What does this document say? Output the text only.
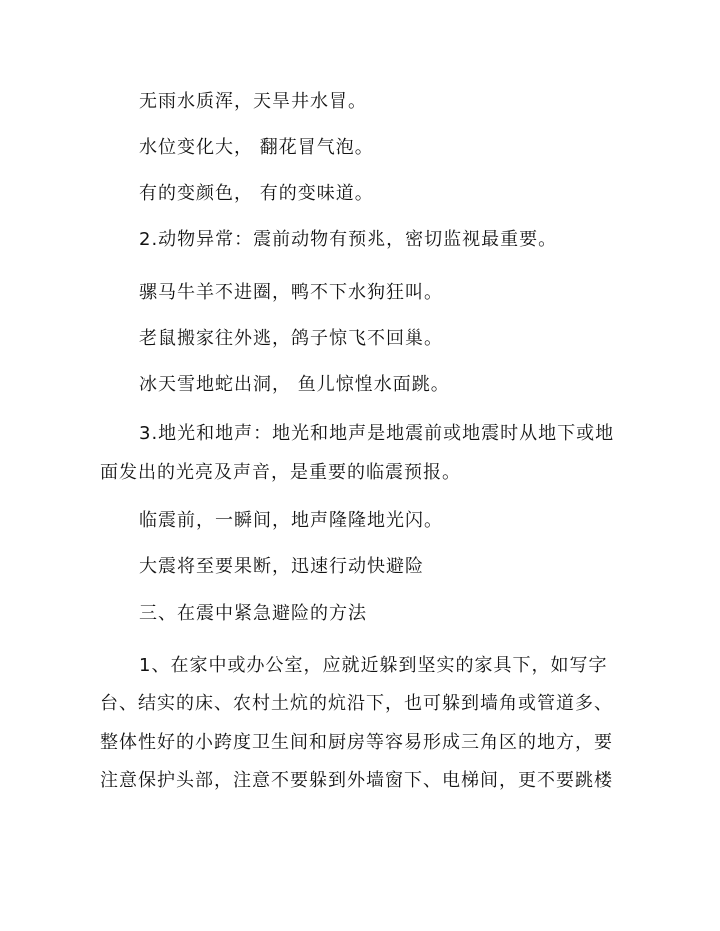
无雨水质浑，天旱井水冒。
水位变化大， 翻花冒气泡。
有的变颜色， 有的变味道。
2.动物异常：震前动物有预兆，密切监视最重要。
骡马牛羊不进圈，鸭不下水狗狂叫。
老鼠搬家往外逃，鸽子惊飞不回巢。
冰天雪地蛇出洞， 鱼儿惊惶水面跳。
3.地光和地声：地光和地声是地震前或地震时从地下或地
面发出的光亮及声音，是重要的临震预报。
临震前，一瞬间，地声隆隆地光闪。
大震将至要果断，迅速行动快避险
三、在震中紧急避险的方法
1、在家中或办公室，应就近躲到坚实的家具下，如写字
台、结实的床、农村土炕的炕沿下，也可躲到墙角或管道多、
整体性好的小跨度卫生间和厨房等容易形成三角区的地方，要
注意保护头部，注意不要躲到外墙窗下、电梯间，更不要跳楼
